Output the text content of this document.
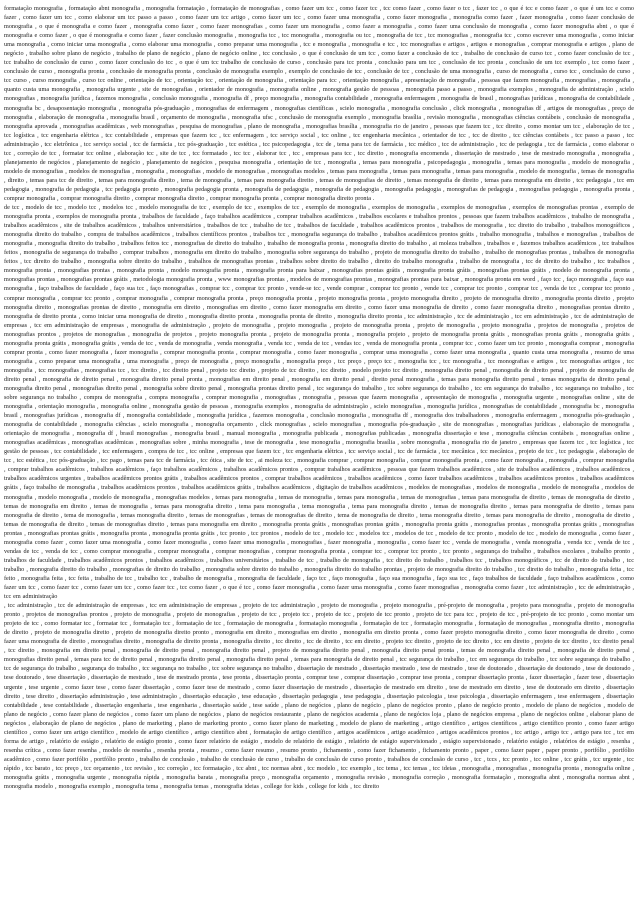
formatação monografia , formatação abnt monografia , monografia formatação , formatação de monografias , como fazer um tcc , como fazer tcc , tcc como fazer , como fazer o tcc , fazer tcc , o que é tcc e como fazer , o que é um tcc e como fazer , como fazer um tcc , como elaborar um tcc passo a passo , como fazer um tcc artigo , como fazer um tcc , como fazer uma monografia , como fazer monografia , monografia como fazer , fazer monografia , como fazer conclusão de monografia , o que é monografia e como fazer , monografia como fazer , como fazer monografias , como fazer um monografia , como fazer a monografia , como fazer uma conclusão de monografia , como fazer monografia abnt , o que é monografia e como fazer , o que é monografia e como fazer , fazer conclusão monografia , monografia tcc , tcc monografia , monografia ou tcc , monografia de tcc , tcc monografias , monografia tcc , como escrever uma monografia , como iniciar uma monografia , como iniciar uma monografia , como elaborar uma monografia , como preparar uma monografia , tcc e monografia , monografia e tcc , tcc monografias e artigos , artigos e monografias , comprar monografia e artigos , plano de negócio , trabalho sobre plano de negócio , trabalho de plano de negócio , plano de negócio online , tcc conclusão , o que é conclusão de um tcc , como fazer a conclusão de tcc , trabalho de conclusão de curso tcc , como fazer conclusão de tcc , tcc trabalho de conclusão de curso , como fazer conclusão do tcc , o que é um tcc trabalho de conclusão de curso , conclusão para tcc pronta , conclusão para um tcc , conclusão de tcc pronta , conclusão de um tcc exemplo , tcc como fazer , conclusão de curso , monografia pronta , conclusão de monografia pronta , conclusão de monografia exemplo , exemplo de conclusão de tcc , conclusão de tcc , conclusão de uma monografia , curso de monografia , curso tcc , conclusão de curso , tcc curso , curso monografia , curso tcc online , orientação de tcc , orientação tcc , orientação de monografia , orientação para tcc , orientação monografia , apresentação de monografia , pessoas que fazem monografia , monografias , monografia , quanto custa uma monografia , monografia urgente , site de monografias , orientador de monografia , monografia online , monografia gestão de pessoas , monografia passo a passo , monografia exemplos , monografia de administração , scielo monografias , monografia jurídica , fazemos monografia , conclusão monografia , monografia df , preço monografia , monografia contabilidade , monografia enfermagem , monografia de brasil , monografias jurídicas , monografia de contabilidade , monografia bc , desaposentação monografia , monografia pós-graduação , monografias de enfermagem , monografias científicas , scielo monografia , monografia conclusão , click monografia , monografias df , artigos de monografias , preço de monografia , elaboração de monografia , monografia brasil , orçamento de monografia , monografia ufsc , conclusão de monografia exemplo , monografia brasília , revisão monografia , monografias ciências contábeis , conclusão de monografia , monografia aprovada , monografias acadêmicas , web monografias , pesquisa de monografias , plano de monografia , monografias brasília , monografia rio de janeiro , pessoas que fazem tcc , tcc direito , como montar um tcc , elaboração de tcc , tcc logística , tcc engenharia elétrica , tcc contabilidade , empresas que fazem tcc , tcc enfermagem , tcc serviço social , tcc online , tcc engenharia mecânica , orientador de tcc , tcc de direito , tcc ciências contábeis , tcc passo a passo , tcc administração , tcc eletrônica , tcc serviço social , tcc de farmácia , tcc pós-graduação , tcc estética , tcc psicopedagogia , tcc de , tema para tcc de farmácia , tcc médico , tcc de administração , tcc de pedagogia , tcc de farmácia , como elaborar o tcc , correção de tcc , formatar tcc online , elaboração tcc , site de tcc , tcc formatado , tcc tcc , elaborar tcc , tcc , empresas para tcc , tcc direito , monografia encomenda , dissertação de mestrado , tese de mestrado monografia , monografia , planejamento de negócios , planejamento de negócio , planejamento de negócios , pesquisa monografia , orientação de tcc , monografia , temas para monografia , psicopedagogia , monografia , temas para monografia , modelo de monografia , modelo de monografias , modelos de monografias , monografia , monografias , modelo de monografias , monografias modelos , temas para monografia , temas para monografia , temas para monografia , modelo de monografia , temas de monografia , direito , temas para tcc de direito , temas para monografia direito , tema de monografia , temas para monografia direito , temas de monografias de direito , temas monografia de direito , temas para monografia em direito , tcc pedagogia , tcc em pedagogia , monografia de pedagogia , tcc pedagogia pronto , monografia pedagogia pronta , monografia de pedagogia , monografia de pedagogia , monografia pedagogia , monografias de pedagogia , monografias pedagogia , monografia pronta , comprar monografia , comprar monografia direito , comprar monografia direito , comprar monografia pronta , comprar monografia direito pronta .

de tcc , modelo de tcc , modelo tcc , modelos tcc , modelo monografia de tcc , exemplo de tcc , exemplos de tcc , exemplo de monografia , exemplos de monografia , exemplos de monografias , exemplos de monografias prontas , exemplo de monografia pronta , exemplos de monografia pronta , trabalhos de faculdade , faço trabalhos acadêmicos , comprar trabalhos acadêmicos , trabalhos escolares e trabalhos prontos , pessoas que fazem trabalhos acadêmicos , trabalho de monografia , trabalhos acadêmicos , site de trabalhos acadêmicos , trabalhos universitários , trabalhos de tcc , trabalho de tcc , trabalhos de faculdade , trabalhos acadêmicos prontos , trabalhos de monografia , tcc direito do trabalho , trabalhos monográficos , monografia direito do trabalho , compra de trabalhos acadêmicos , trabalhos científicos prontos , trabalhos tcc , monografia segurança do trabalho , trabalhos acadêmicos prontos grátis , trabalho monografia , trabalhos e monografias , trabalhos de monografia , monografia direito do trabalho , trabalhos feitos tcc , monografias de direito do trabalho , trabalho de monografia pronta , monografia direito do trabalho , ai moleza trabalhos , trabalhos e , fazemos trabalhos acadêmicos , tcc trabalhos feitos , monografia de segurança do trabalho , comprar trabalhos , monografia em direito do trabalho , monografia sobre segurança do trabalho , projeto de monografia direito do trabalho , trabalho de monografias prontas , trabalhos de monografia feitos , tcc direito do trabalho , monografia sobre direito do trabalho , trabalhos de monografias prontas , trabalhos sobre direito do trabalho , direito do trabalho monografia , trabalho de monografia , tcc de direito do trabalho , tcc trabalhos , monografia pronta , monografias prontas , monografia pronta , modelo monografia pronta , monografia pronta para baixar , monografias prontas grátis , monografia pronta grátis , monografias prontas grátis , modelo de monografia pronta , monografias prontas , monografias prontas grátis , metodologia monografia pronta , www monografias prontas , modelos de monografias prontas , monografias prontas para baixar , monografia pronta em word , faço tcc , faço monografia , faço sua monografia , faço trabalhos de faculdade , faço sua tcc , faço monografias , comprar tcc , comprar tcc pronto , vende-se tcc , vende comprar , comprar tcc pronto , vende tcc , comprar tcc pronto , comprar tcc , venda de tcc , comprar tcc pronto , comprar monografia , comprar tcc pronto , comprar monografia , comprar monografia pronta , preço monografia pronta , projeto monografia pronta , projeto monografia direito , projeto de monografia direito , monografia pronta direito , projeto monografia direito , monografias prontas de direito , monografia em direito , monografias em direito , como fazer monografia em direito , como fazer uma monografia de direito , como fazer monografia direito , monografias prontas direito , monografia de direito pronta , como iniciar uma monografia de direito , monografia direito pronta , monografia pronta de direito , monografia direito pronta , tcc administração , tcc de administração , tcc em administração , tcc de administração de empresas , tcc em administração de empresas , monografia de administração , projeto de monografia , projeto monografia , projeto de monografia pronta , projeto de monografia , projeto monografia , projetos de monografia , projetos de monografias prontos , projetos de monografias , monografia de projetos , projeto monografia pronta , projeto de monografia pronta , monografia projeto , projeto de monografia pronta grátis , monografias pronta grátis , monografia grátis , monografia pronta grátis , monografia grátis , venda de tcc , venda de monografia , venda monografia , venda tcc , venda de tcc , vendas tcc , venda de monografia pronta , comprar tcc , como fazer um tcc pronto , monografia comprar , monografia comprar pronta , como fazer monografia , fazer monografia , comprar monografia pronta , comprar monografia , como fazer monografia , comprar uma monografia , como fazer uma monografia , quanto custa uma monografia , resumo de uma monografia , como preparar uma monografia , uma monografia , preço de monografia , preço monografia , monografia preço , tcc preço , preço tcc , monografia tcc , tcc monografia , tcc monografias e artigos , tcc monografias artigos , tcc monografia , tcc monografias , monografias tcc , tcc direito , tcc direito penal , projeto tcc direito , projeto de tcc direito , tcc direito , modelo projeto tcc direito , monografia direito penal , monografia de direito penal , projeto de monografia de direito penal , monografia de direito penal , monografia direito penal pronta , monografias em direito penal , monografia em direito penal , direito penal monografia , temas para monografia direito penal , temas monografia de direito penal , monografia direito penal , monografias direito penal , monografia sobre direito penal , monografia prontas direito penal , tcc segurança do trabalho , tcc sobre segurança do trabalho , tcc em segurança do trabalho , tcc segurança no trabalho , tcc sobre segurança no trabalho , compra de monografia , compra monografia , comprar monografia , monografias , monografia , pessoas que fazem monografia , apresentação de monografia , monografia urgente , monografias online , site de monografia , orientação monografia , monografia online , monografia gestão de pessoas , monografia exemplos , monografia de administração , scielo monografias , monografia jurídica , monografias de contabilidade , monografia bc , monografia brasil , monografias jurídicas , monografia df , monografia contabilidade , monografia jurídica , fazemos monografia , conclusão monografia , monografia df , monografia dos trabalhadores , monografia enfermagem , monografia pós-graduação , monografia de contabilidade , monografia ciências , scielo monografia , monografia orçamento , click monografias , scielo monografias , monografia pós-graduação , site de monografias , monografias jurídicas , elaboração de monografia , orientação de monografia , monografia df , brasil monografias , monografia brasil , manual monografia , monografia publicada , monografias publicadas , monografia dissertação e tese , monografia ciências contábeis , monografias online , monografias acadêmicas , monografias acadêmicas , monografias sobre , minha monografia , tese de monografia , tese monografia , monografia brasília , sobre monografia , monografia rio de janeiro , empresas que fazem tcc , tcc logística , tcc gestão de pessoas , tcc contabilidade , tcc enfermagem , compra de tcc , tcc online , empresas que fazem tcc , tcc engenharia elétrica , tcc serviço social , tcc de farmácia , tcc mecânica , tcc mecânica , projeto de tcc , tcc pedagogia , elaboração de tcc , tcc estética , tcc pós-graduação , tcc pago , temas para tcc de farmácia , tcc ótica , site de tcc , ai moleza tcc , monografia comprar , comprar monografia , comprar monografia pronta , como fazer monografia , monografia , comprar monografia , comprar trabalhos acadêmicos , trabalhos acadêmicos , faço trabalhos acadêmicos , trabalhos acadêmicos prontos , comprar trabalhos acadêmicos , pessoas que fazem trabalhos acadêmicos , site de trabalhos acadêmicos , trabalhos acadêmicos , trabalhos acadêmicos urgentes , trabalhos acadêmicos prontos grátis , trabalhos acadêmicos prontos , comprar trabalhos acadêmicos , trabalhos acadêmicos , como fazer trabalhos acadêmicos , trabalhos acadêmicos prontos , trabalhos acadêmicos grátis , faço trabalho de monografia , trabalhos acadêmicos prontos , trabalhos acadêmicos grátis , trabalhos acadêmicos , digitação de trabalhos acadêmicos , modelos de monografias , modelos de monografia , modelo de monografia , modelos de monografia , modelo monografia , modelo de monografia , monografias modelos , temas para monografia , temas de monografia , temas para monografia , temas de monografias , temas para monografia de direito , temas de monografia de direito , temas de monografia em direito , temas de monografia , temas para monografia direito , tema para monografia , tema monografia , tema para monografia direito , temas de monografia direito , temas para monografia de direito , temas para monografia de direito , tema de monografia , temas monografia direito , temas de monografias , temas de monografias de direito , tema de monografia de direito , tema monografia direito , temas para monografia de direito , monografia de direito , temas de monografia de direito , temas de monografias direito , temas para monografia em direito , monografia pronta grátis , monografias prontas grátis , monografia pronta grátis , monografias prontas , monografia prontas grátis , monografias prontas , monografias prontas grátis , monografia pronta , monografia pronta grátis , tcc pronto , tcc prontos , modelo de tcc , modelo tcc , modelos tcc , modelos de tcc , modelo de tcc pronto , modelo de tcc , modelo de monografia , como fazer , monografia como fazer , como fazer uma monografia , como fazer monografia , como fazer uma monografia , monografias , fazer monografia , monografia , como fazer tcc , venda de monografia , venda monografia , venda tcc , venda de tcc , vendas de tcc , venda de tcc , como comprar monografia , comprar monografia , comprar monografias , comprar monografia pronta , comprar tcc , comprar tcc pronto , tcc pronto , segurança do trabalho , trabalhos escolares , trabalho pronto , trabalhos de faculdade , trabalhos acadêmicos prontos , trabalhos acadêmicos , trabalhos universitários , trabalho de tcc , trabalho de monografia , tcc direito do trabalho , trabalhos tcc , trabalhos monográficos , tcc de direito do trabalho , tcc trabalho , monografia direito do trabalho , monografias de direito do trabalho , monografia sobre direito do trabalho , monografia direito do trabalho prontas , projeto de monografia direito do trabalho , tcc direito do trabalho , monografia feita , tcc feito , monografia feita , tcc feita , trabalho de tcc , trabalho tcc , trabalho de monografia , monografia de faculdade , faço tcc , faço monografia , faço sua monografia , faço sua tcc , faço trabalhos de faculdade , faço trabalhos acadêmicos , como fazer um tcc , como fazer tcc , como fazer um tcc , como fazer tcc , tcc como fazer , o que é tcc , como fazer monografia , como fazer uma monografia , como fazer monografias , monografia como fazer , tcc administração , tcc de administração , tcc em administração

, tcc administração , tcc de administração de empresas , tcc em administração de empresas , projeto de tcc administração , projeto de monografia , projeto monografia , pré-projeto de monografia , projeto para monografia , projeto de monografia pronto , projetos de monografias prontos , projeto de monografia , projeto de monografias , projeto de tcc , projeto tcc , projeto de tcc , projeto de tcc pronto , projeto de tcc para tcc , projeto de tcc , pré-projeto de tcc pronto , como montar um projeto de tcc , como formatar tcc , formatar tcc , formatação tcc , formatação de tcc , formatação de monografia , formatação monografia , formatação de tcc , formatação monografia , formatação de monografias , monografia direito , monografia de direito , projeto de monografia direito , projeto de monografia direito pronto , monografia em direito , monografias em direito , monografia em direito pronta , como fazer projeto monografia direito , como fazer monografia de direito , como fazer uma monografia de direito , monografias direito , monografia de direito pronta , monografia direito , tcc direito , tcc de direito , tcc em direito , projeto tcc direito , projeto de tcc direito , tcc em direito , projeto de tcc direito , tcc direito penal , tcc direito , monografia em direito penal , monografia de direito penal , monografia direito penal , projeto de monografia direito penal , monografia direito penal pronta , temas de monografia direito penal , monografia de direito penal , monografias direito penal , temas para tcc de direito penal , monografia direito penal , monografia direito penal , temas para monografia de direito penal , tcc segurança do trabalho , tcc em segurança do trabalho , tcc sobre segurança do trabalho , tcc de segurança do trabalho , segurança do trabalho , tcc segurança no trabalho , tcc sobre segurança no trabalho , dissertação de mestrado , dissertação mestrado , tese de mestrado , tese de doutorado , dissertação de doutorado , tese de doutorado , tese doutorado , tese dissertação , dissertação de mestrado , tese de mestrado pronta , tese pronta , dissertação pronta , comprar tese , comprar dissertação , comprar tese pronta , comprar dissertação pronta , fazer dissertação , fazer tese , dissertação urgente , tese urgente , como fazer tese , como fazer dissertação , como fazer tese de mestrado , como fazer dissertação de mestrado , dissertação de mestrado em direito , tese de mestrado em direito , tese de doutorado em direito , dissertação direito , tese direito , dissertação administração , tese administração , dissertação educação , tese educação , dissertação pedagogia , tese pedagogia , dissertação psicologia , tese psicologia , dissertação enfermagem , tese enfermagem , dissertação contabilidade , tese contabilidade , dissertação engenharia , tese engenharia , dissertação saúde , tese saúde , plano de negócios , plano de negócio , plano de negócios pronto , plano de negócio pronto , modelo de plano de negócios , modelo de plano de negócio , como fazer plano de negócios , como fazer um plano de negócios , plano de negócios restaurante , plano de negócios academia , plano de negócios loja , plano de negócios empresa , plano de negócios online , elaborar plano de negócios , elaboração de plano de negócios , plano de marketing , plano de marketing pronto , como fazer plano de marketing , modelo de plano de marketing , artigo científico , artigos científicos , artigo científico pronto , como fazer artigo científico , como fazer um artigo científico , modelo de artigo científico , artigo científico abnt , formatação de artigo científico , artigos acadêmicos , artigo acadêmico , artigos acadêmicos prontos , tcc artigo , artigo tcc , artigo para tcc , tcc em forma de artigo , relatório de estágio , relatório de estágio pronto , como fazer relatório de estágio , modelo de relatório de estágio , relatório de estágio supervisionado , estágio supervisionado , relatório estágio , relatórios de estágio , resenha , resenha crítica , como fazer resenha , modelo de resenha , resenha pronta , resumo , como fazer resumo , resumo pronto , fichamento , como fazer fichamento , fichamento pronto , paper , como fazer paper , paper pronto , portfólio , portfólio acadêmico , como fazer portfólio , portfólio pronto , trabalho de conclusão , trabalho de conclusão de curso , trabalho de conclusão de curso pronto , trabalhos de conclusão de curso , tcc , tccs , tcc pronto , tcc online , tcc grátis , tcc urgente , tcc rápido , tcc barato , tcc preço , tcc orçamento , tcc revisão , tcc correção , tcc formatação , tcc abnt , tcc normas abnt , tcc modelo , tcc exemplo , tcc tema , tcc temas , tcc ideias , monografia , monografias , monografia pronta , monografia online , monografia grátis , monografia urgente , monografia rápida , monografia barata , monografia preço , monografia orçamento , monografia revisão , monografia correção , monografia formatação , monografia abnt , monografia normas abnt , monografia modelo , monografia exemplo , monografia tema , monografia temas , monografia ideias , college for kids , college for kids , tcc direito
